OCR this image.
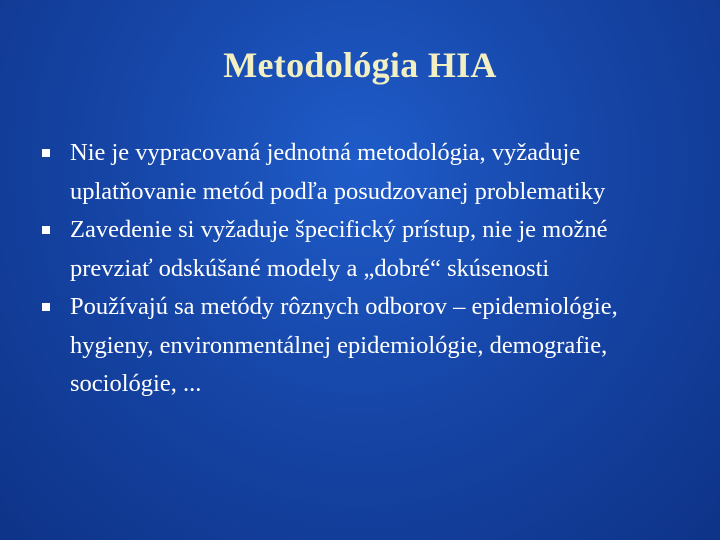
Metodológia HIA
Nie je vypracovaná jednotná metodológia, vyžaduje uplatňovanie metód podľa posudzovanej problematiky
Zavedenie si vyžaduje špecifický prístup, nie je možné prevziať odskúšané modely a „dobré“ skúsenosti
Používajú sa metódy rôznych odborov – epidemiológie, hygieny, environmentálnej epidemiológie, demografie, sociológie, ...
